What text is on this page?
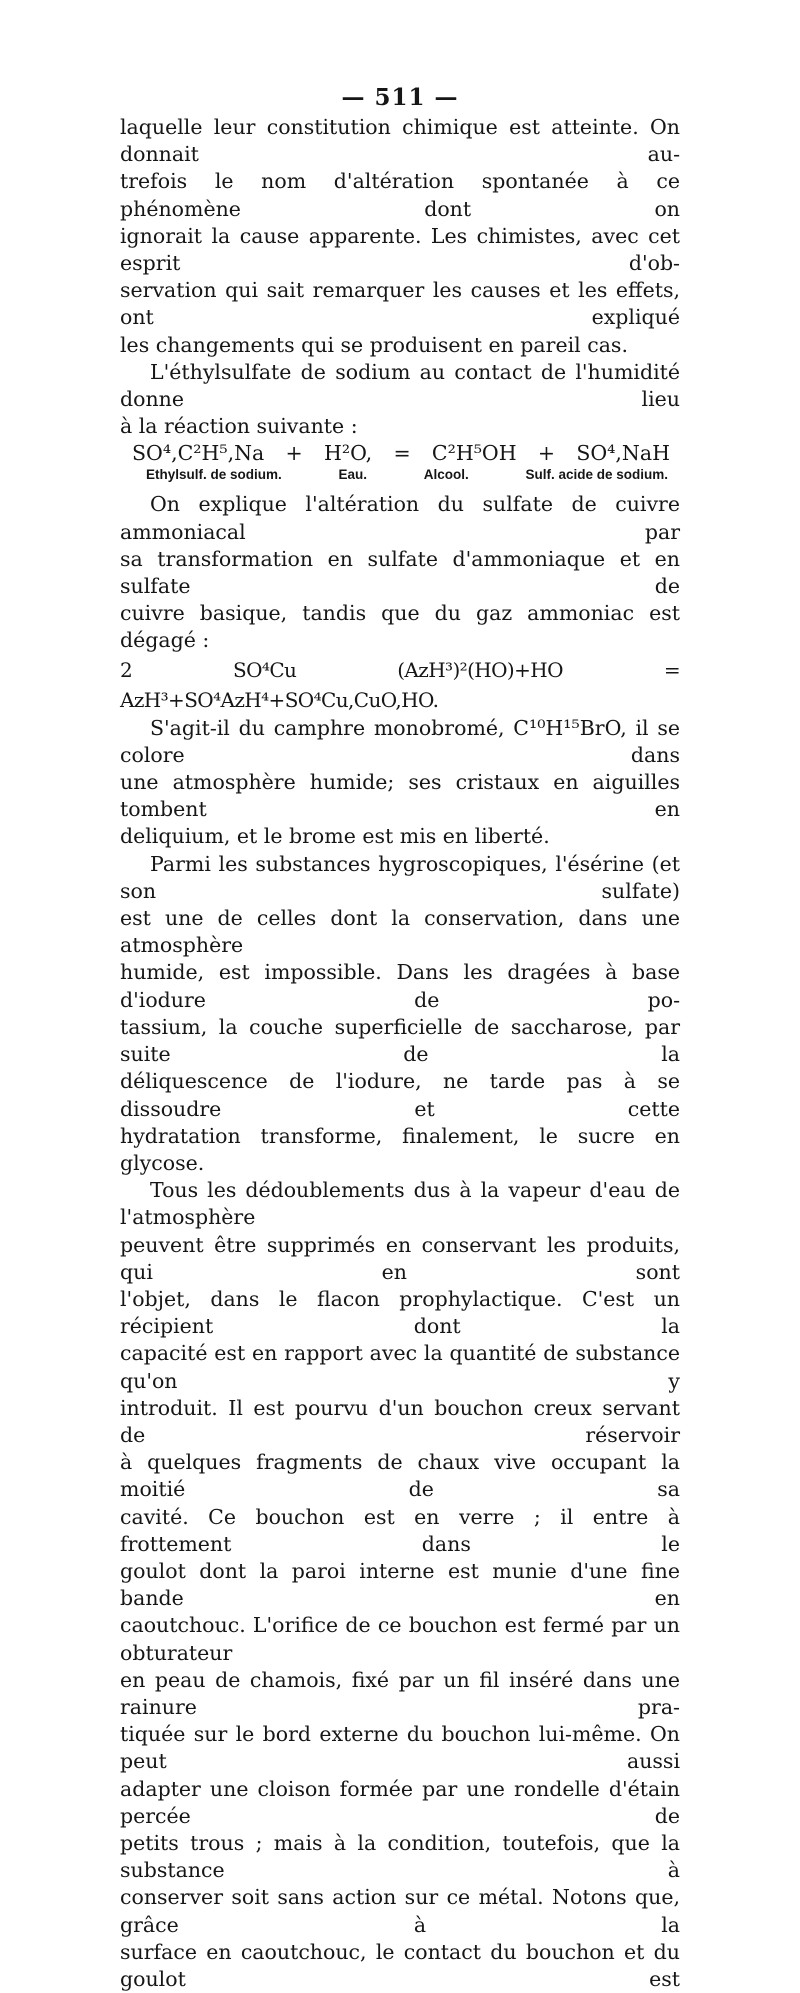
— 511 —

laquelle leur constitution chimique est atteinte. On donnait au-

trefois le nom d'altération spontanée à ce phénomène dont on

ignorait la cause apparente. Les chimistes, avec cet esprit d'ob-

servation qui sait remarquer les causes et les effets, ont expliqué

les changements qui se produisent en pareil cas.

L'éthylsulfate de sodium au contact de l'humidité donne lieu

à la réaction suivante :

SO⁴,C²H⁵,Na + H²O, = C²H⁵OH + SO⁴,NaH
Ethylsulf. de sodium.	Eau.	Alcool.	Sulf. acide de sodium.

On explique l'altération du sulfate de cuivre ammoniacal par

sa transformation en sulfate d'ammoniaque et en sulfate de

cuivre basique, tandis que du gaz ammoniac est dégagé :

2 SO⁴Cu (AzH³)²(HO)+HO = AzH³+SO⁴AzH⁴+SO⁴Cu,CuO,HO.

S'agit-il du camphre monobromé, C¹⁰H¹⁵BrO, il se colore dans

une atmosphère humide; ses cristaux en aiguilles tombent en

deliquium, et le brome est mis en liberté.

Parmi les substances hygroscopiques, l'ésérine (et son sulfate)

est une de celles dont la conservation, dans une atmosphère

humide, est impossible. Dans les dragées à base d'iodure de po-

tassium, la couche superficielle de saccharose, par suite de la

déliquescence de l'iodure, ne tarde pas à se dissoudre et cette

hydratation transforme, finalement, le sucre en glycose.

Tous les dédoublements dus à la vapeur d'eau de l'atmosphère

peuvent être supprimés en conservant les produits, qui en sont

l'objet, dans le flacon prophylactique. C'est un récipient dont la

capacité est en rapport avec la quantité de substance qu'on y

introduit. Il est pourvu d'un bouchon creux servant de réservoir

à quelques fragments de chaux vive occupant la moitié de sa

cavité. Ce bouchon est en verre ; il entre à frottement dans le

goulot dont la paroi interne est munie d'une fine bande en

caoutchouc. L'orifice de ce bouchon est fermé par un obturateur

en peau de chamois, fixé par un fil inséré dans une rainure pra-

tiquée sur le bord externe du bouchon lui-même. On peut aussi

adapter une cloison formée par une rondelle d'étain percée de

petits trous ; mais à la condition, toutefois, que la substance à

conserver soit sans action sur ce métal. Notons que, grâce à la

surface en caoutchouc, le contact du bouchon et du goulot est
